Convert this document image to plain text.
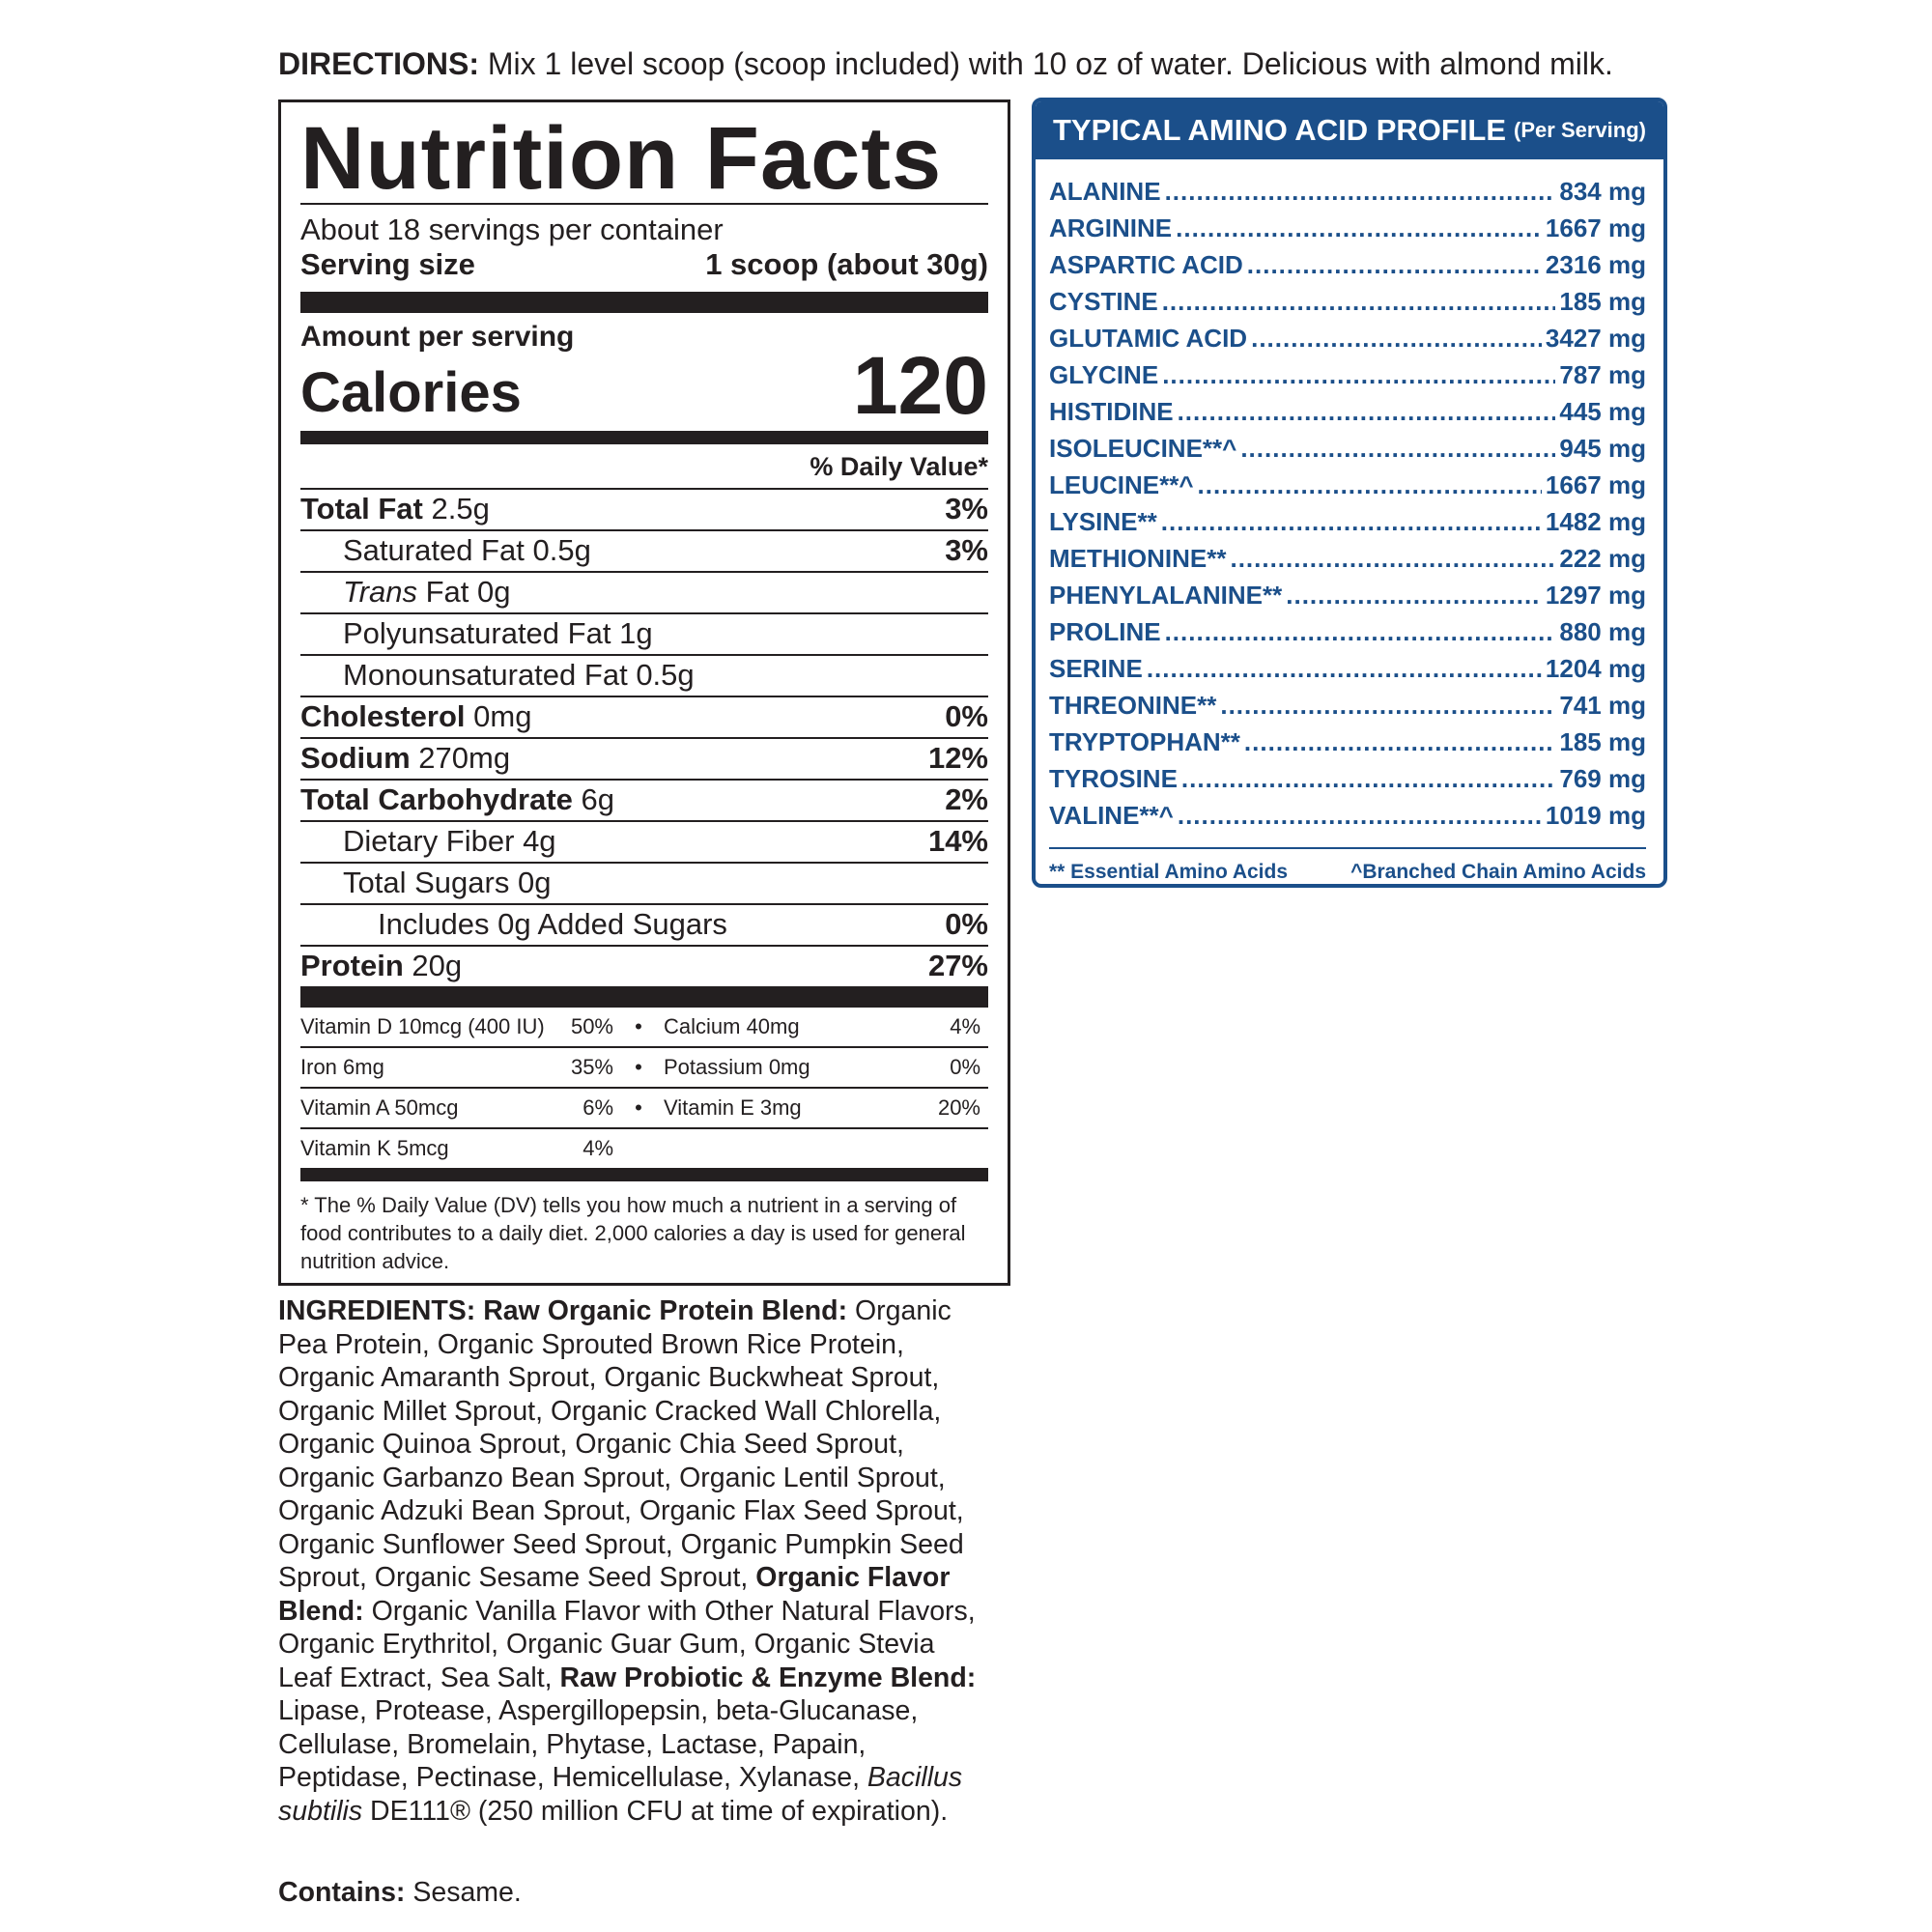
DIRECTIONS: Mix 1 level scoop (scoop included) with 10 oz of water. Delicious with almond milk.
Nutrition Facts
About 18 servings per container
Serving size	1 scoop (about 30g)
Amount per serving
Calories	120
% Daily Value*
Total Fat 2.5g	3%
Saturated Fat 0.5g	3%
Trans Fat 0g
Polyunsaturated Fat 1g
Monounsaturated Fat 0.5g
Cholesterol 0mg	0%
Sodium 270mg	12%
Total Carbohydrate 6g	2%
Dietary Fiber 4g	14%
Total Sugars 0g
Includes 0g Added Sugars	0%
Protein 20g	27%
Vitamin D 10mcg (400 IU) 50%	•	Calcium 40mg	4%
Iron 6mg	35%	•	Potassium 0mg	0%
Vitamin A 50mcg	6%	•	Vitamin E 3mg	20%
Vitamin K 5mcg	4%
* The % Daily Value (DV) tells you how much a nutrient in a serving of food contributes to a daily diet. 2,000 calories a day is used for general nutrition advice.
TYPICAL AMINO ACID PROFILE (Per Serving)
ALANINE .....	834 mg
ARGININE .....	1667 mg
ASPARTIC ACID .....	2316 mg
CYSTINE .....	185 mg
GLUTAMIC ACID .....	3427 mg
GLYCINE .....	787 mg
HISTIDINE .....	445 mg
ISOLEUCINE**^ .....	945 mg
LEUCINE**^ .....	1667 mg
LYSINE** .....	1482 mg
METHIONINE** .....	222 mg
PHENYLALANINE** .....	1297 mg
PROLINE .....	880 mg
SERINE .....	1204 mg
THREONINE** .....	741 mg
TRYPTOPHAN** .....	185 mg
TYROSINE .....	769 mg
VALINE**^ .....	1019 mg
** Essential Amino Acids	^Branched Chain Amino Acids
INGREDIENTS: Raw Organic Protein Blend: Organic Pea Protein, Organic Sprouted Brown Rice Protein, Organic Amaranth Sprout, Organic Buckwheat Sprout, Organic Millet Sprout, Organic Cracked Wall Chlorella, Organic Quinoa Sprout, Organic Chia Seed Sprout, Organic Garbanzo Bean Sprout, Organic Lentil Sprout, Organic Adzuki Bean Sprout, Organic Flax Seed Sprout, Organic Sunflower Seed Sprout, Organic Pumpkin Seed Sprout, Organic Sesame Seed Sprout, Organic Flavor Blend: Organic Vanilla Flavor with Other Natural Flavors, Organic Erythritol, Organic Guar Gum, Organic Stevia Leaf Extract, Sea Salt, Raw Probiotic & Enzyme Blend: Lipase, Protease, Aspergillopepsin, beta-Glucanase, Cellulase, Bromelain, Phytase, Lactase, Papain, Peptidase, Pectinase, Hemicellulase, Xylanase, Bacillus subtilis DE111® (250 million CFU at time of expiration).
Contains: Sesame.
